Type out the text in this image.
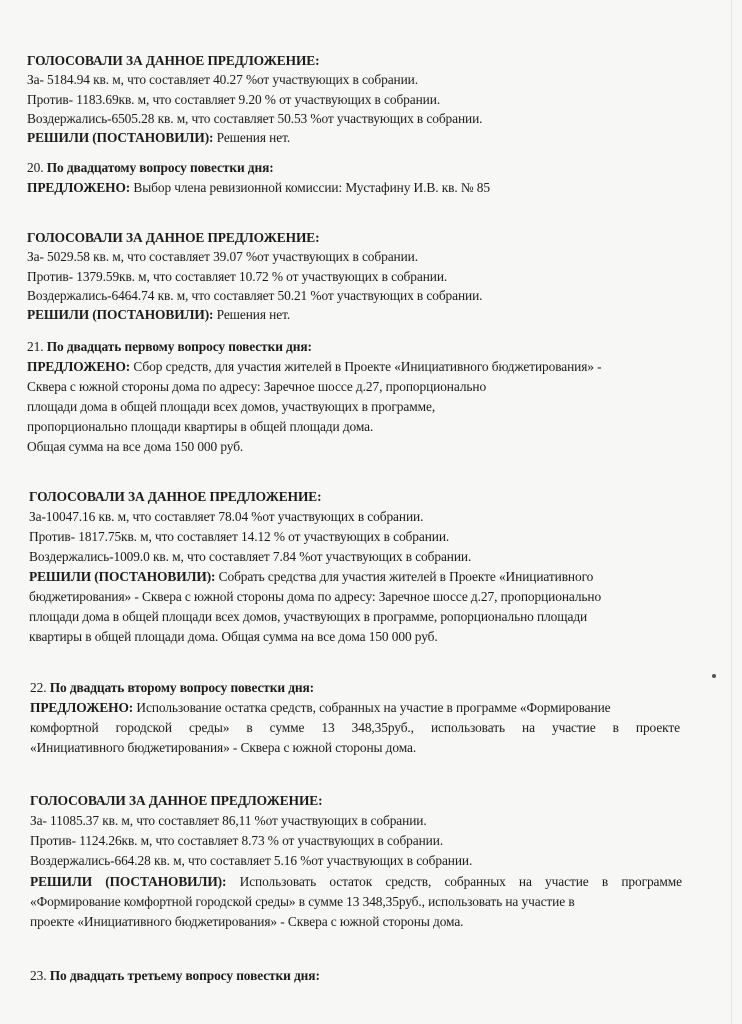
ГОЛОСОВАЛИ ЗА ДАННОЕ ПРЕДЛОЖЕНИЕ:
За- 5184.94 кв. м, что составляет 40.27 %от участвующих в собрании.
Против- 1183.69кв. м, что составляет 9.20 % от участвующих в собрании.
Воздержались-6505.28 кв. м, что составляет 50.53 %от участвующих в собрании.
РЕШИЛИ (ПОСТАНОВИЛИ): Решения нет.
20. По двадцатому вопросу повестки дня:
ПРЕДЛОЖЕНО: Выбор члена ревизионной комиссии: Мустафину И.В. кв. № 85
ГОЛОСОВАЛИ ЗА ДАННОЕ ПРЕДЛОЖЕНИЕ:
За- 5029.58 кв. м, что составляет 39.07 %от участвующих в собрании.
Против- 1379.59кв. м, что составляет 10.72 % от участвующих в собрании.
Воздержались-6464.74 кв. м, что составляет 50.21 %от участвующих в собрании.
РЕШИЛИ (ПОСТАНОВИЛИ): Решения нет.
21. По двадцать первому вопросу повестки дня:
ПРЕДЛОЖЕНО: Сбор средств, для участия жителей в Проекте «Инициативного бюджетирования» -
Сквера с южной стороны дома по адресу: Заречное шоссе д.27, пропорционально
площади дома в общей площади всех домов, участвующих в программе,
пропорционально площади квартиры в общей площади дома.
Общая сумма на все дома 150 000 руб.
ГОЛОСОВАЛИ ЗА ДАННОЕ ПРЕДЛОЖЕНИЕ:
За-10047.16 кв. м, что составляет 78.04 %от участвующих в собрании.
Против- 1817.75кв. м, что составляет 14.12 % от участвующих в собрании.
Воздержались-1009.0 кв. м, что составляет 7.84 %от участвующих в собрании.
РЕШИЛИ (ПОСТАНОВИЛИ): Собрать средства для участия жителей в Проекте «Инициативного
бюджетирования» - Сквера с южной стороны дома по адресу: Заречное шоссе д.27, пропорционально
площади дома в общей площади всех домов, участвующих в программе, ропорционально площади
квартиры в общей площади дома. Общая сумма на все дома 150 000 руб.
22. По двадцать второму вопросу повестки дня:
ПРЕДЛОЖЕНО: Использование остатка средств, собранных на участие в программе «Формирование
комфортной городской среды» в сумме 13 348,35руб., использовать на участие в проекте
«Инициативного бюджетирования» - Сквера с южной стороны дома.
ГОЛОСОВАЛИ ЗА ДАННОЕ ПРЕДЛОЖЕНИЕ:
За- 11085.37 кв. м, что составляет 86,11 %от участвующих в собрании.
Против- 1124.26кв. м, что составляет 8.73 % от участвующих в собрании.
Воздержались-664.28 кв. м, что составляет 5.16 %от участвующих в собрании.
РЕШИЛИ (ПОСТАНОВИЛИ): Использовать остаток средств, собранных на участие в программе
«Формирование комфортной городской среды» в сумме 13 348,35руб., использовать на участие в
проекте «Инициативного бюджетирования» - Сквера с южной стороны дома.
23. По двадцать третьему вопросу повестки дня:
